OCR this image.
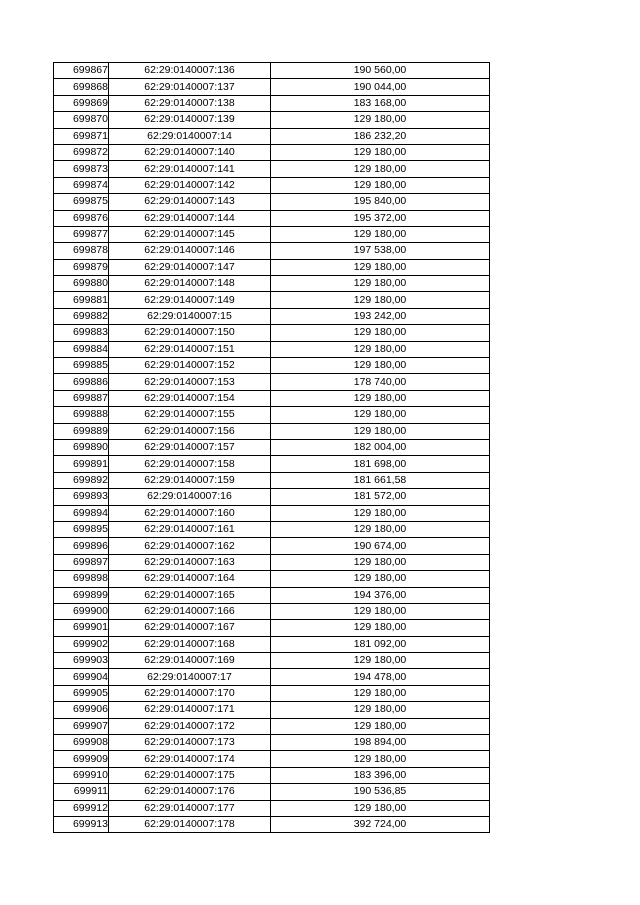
699867	62:29:0140007:136	190 560,00
699868	62:29:0140007:137	190 044,00
699869	62:29:0140007:138	183 168,00
699870	62:29:0140007:139	129 180,00
699871	62:29:0140007:14	186 232,20
699872	62:29:0140007:140	129 180,00
699873	62:29:0140007:141	129 180,00
699874	62:29:0140007:142	129 180,00
699875	62:29:0140007:143	195 840,00
699876	62:29:0140007:144	195 372,00
699877	62:29:0140007:145	129 180,00
699878	62:29:0140007:146	197 538,00
699879	62:29:0140007:147	129 180,00
699880	62:29:0140007:148	129 180,00
699881	62:29:0140007:149	129 180,00
699882	62:29:0140007:15	193 242,00
699883	62:29:0140007:150	129 180,00
699884	62:29:0140007:151	129 180,00
699885	62:29:0140007:152	129 180,00
699886	62:29:0140007:153	178 740,00
699887	62:29:0140007:154	129 180,00
699888	62:29:0140007:155	129 180,00
699889	62:29:0140007:156	129 180,00
699890	62:29:0140007:157	182 004,00
699891	62:29:0140007:158	181 698,00
699892	62:29:0140007:159	181 661,58
699893	62:29:0140007:16	181 572,00
699894	62:29:0140007:160	129 180,00
699895	62:29:0140007:161	129 180,00
699896	62:29:0140007:162	190 674,00
699897	62:29:0140007:163	129 180,00
699898	62:29:0140007:164	129 180,00
699899	62:29:0140007:165	194 376,00
699900	62:29:0140007:166	129 180,00
699901	62:29:0140007:167	129 180,00
699902	62:29:0140007:168	181 092,00
699903	62:29:0140007:169	129 180,00
699904	62:29:0140007:17	194 478,00
699905	62:29:0140007:170	129 180,00
699906	62:29:0140007:171	129 180,00
699907	62:29:0140007:172	129 180,00
699908	62:29:0140007:173	198 894,00
699909	62:29:0140007:174	129 180,00
699910	62:29:0140007:175	183 396,00
699911	62:29:0140007:176	190 536,85
699912	62:29:0140007:177	129 180,00
699913	62:29:0140007:178	392 724,00
